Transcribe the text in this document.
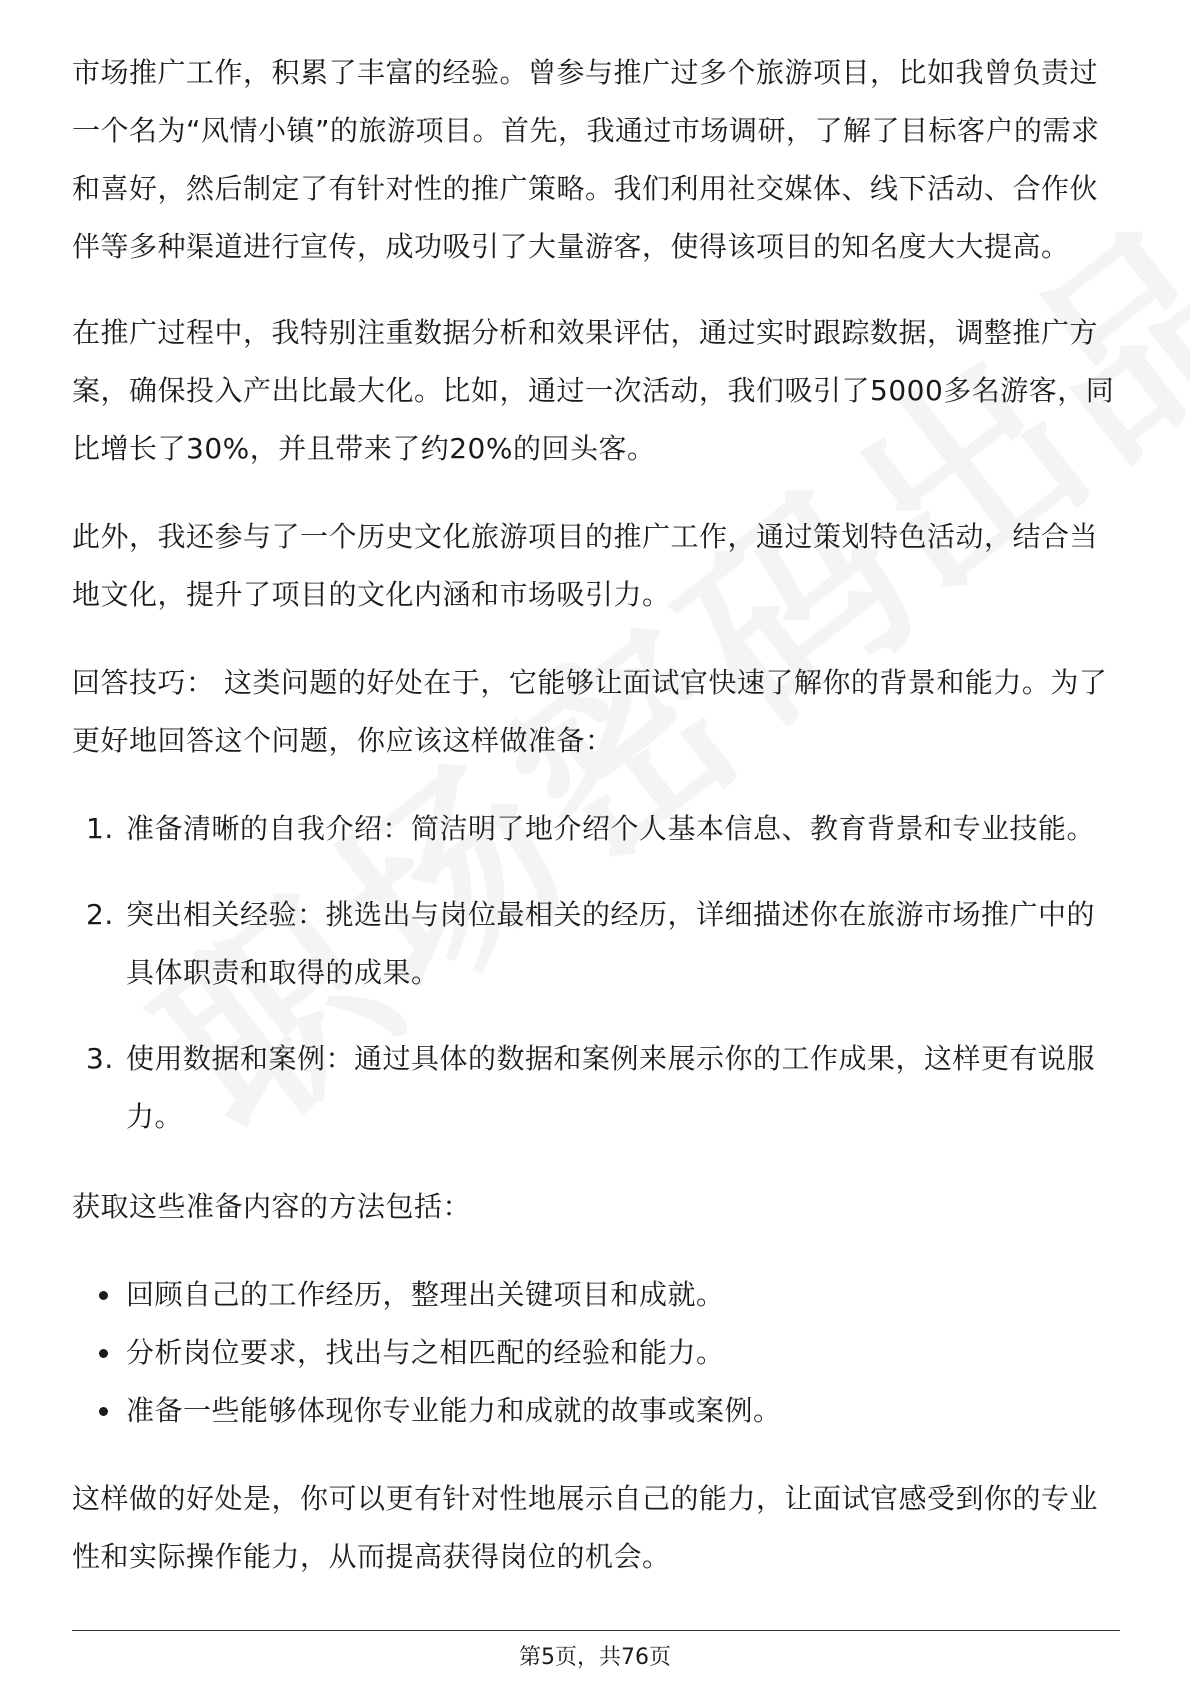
市场推广工作，积累了丰富的经验。曾参与推广过多个旅游项目，比如我曾负责过一个名为“风情小镇”的旅游项目。首先，我通过市场调研，了解了目标客户的需求和喜好，然后制定了有针对性的推广策略。我们利用社交媒体、线下活动、合作伙伴等多种渠道进行宣传，成功吸引了大量游客，使得该项目的知名度大大提高。

在推广过程中，我特别注重数据分析和效果评估，通过实时跟踪数据，调整推广方案，确保投入产出比最大化。比如，通过一次活动，我们吸引了5000多名游客，同比增长了30%，并且带来了约20%的回头客。

此外，我还参与了一个历史文化旅游项目的推广工作，通过策划特色活动，结合当地文化，提升了项目的文化内涵和市场吸引力。

回答技巧： 这类问题的好处在于，它能够让面试官快速了解你的背景和能力。为了更好地回答这个问题，你应该这样做准备：

1. 准备清晰的自我介绍：简洁明了地介绍个人基本信息、教育背景和专业技能。
2. 突出相关经验：挑选出与岗位最相关的经历，详细描述你在旅游市场推广中的具体职责和取得的成果。
3. 使用数据和案例：通过具体的数据和案例来展示你的工作成果，这样更有说服力。

获取这些准备内容的方法包括：

回顾自己的工作经历，整理出关键项目和成就。
分析岗位要求，找出与之相匹配的经验和能力。
准备一些能够体现你专业能力和成就的故事或案例。

这样做的好处是，你可以更有针对性地展示自己的能力，让面试官感受到你的专业性和实际操作能力，从而提高获得岗位的机会。

第5页，共76页
